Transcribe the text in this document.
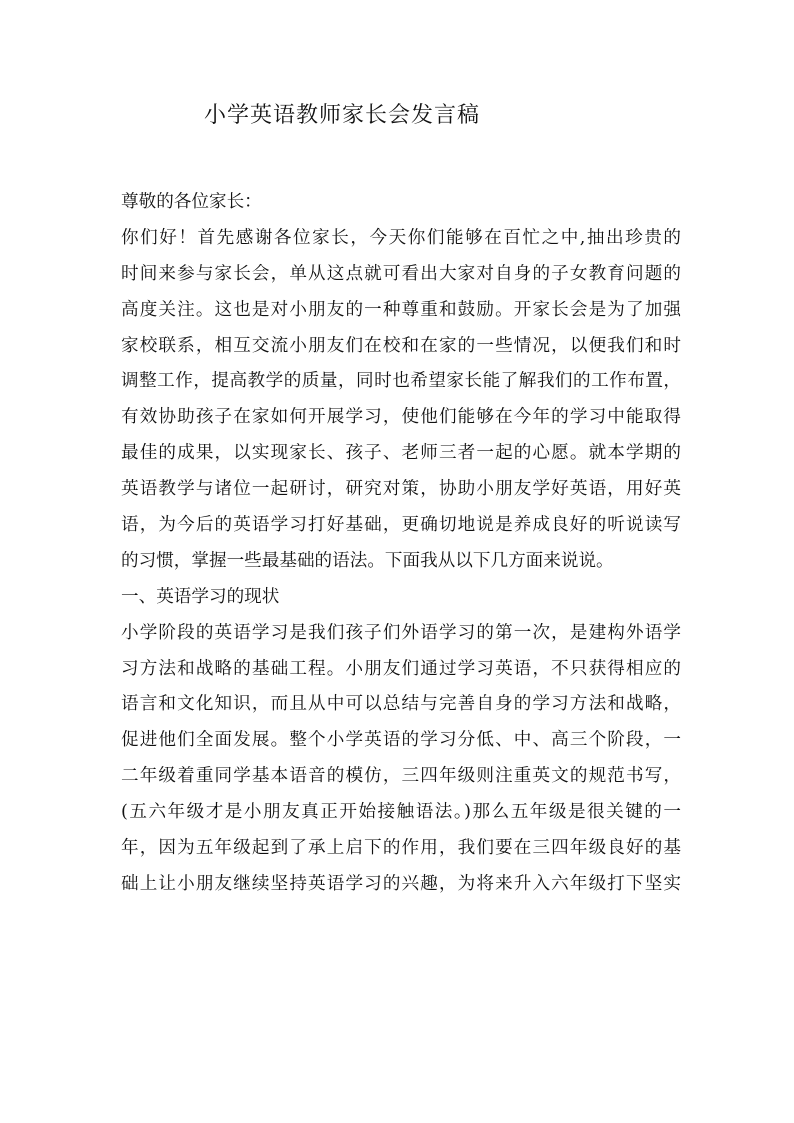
小学英语教师家长会发言稿
尊敬的各位家长：
你们好！首先感谢各位家长，今天你们能够在百忙之中,抽出珍贵的
时间来参与家长会，单从这点就可看出大家对自身的子女教育问题的
高度关注。这也是对小朋友的一种尊重和鼓励。开家长会是为了加强
家校联系，相互交流小朋友们在校和在家的一些情况，以便我们和时
调整工作，提高教学的质量，同时也希望家长能了解我们的工作布置，
有效协助孩子在家如何开展学习，使他们能够在今年的学习中能取得
最佳的成果，以实现家长、孩子、老师三者一起的心愿。就本学期的
英语教学与诸位一起研讨，研究对策，协助小朋友学好英语，用好英
语，为今后的英语学习打好基础，更确切地说是养成良好的听说读写
的习惯，掌握一些最基础的语法。下面我从以下几方面来说说。
一、英语学习的现状
小学阶段的英语学习是我们孩子们外语学习的第一次，是建构外语学
习方法和战略的基础工程。小朋友们通过学习英语，不只获得相应的
语言和文化知识，而且从中可以总结与完善自身的学习方法和战略，
促进他们全面发展。整个小学英语的学习分低、中、高三个阶段，一
二年级着重同学基本语音的模仿，三四年级则注重英文的规范书写，
(五六年级才是小朋友真正开始接触语法。)那么五年级是很关键的一
年，因为五年级起到了承上启下的作用，我们要在三四年级良好的基
础上让小朋友继续坚持英语学习的兴趣，为将来升入六年级打下坚实
